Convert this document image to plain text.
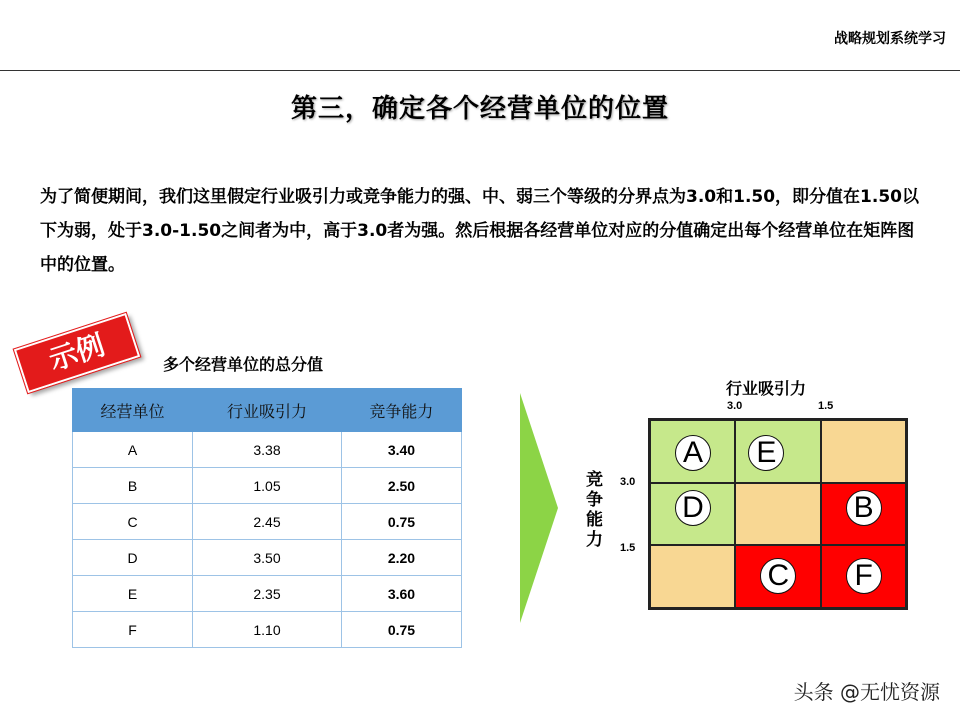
战略规划系统学习
第三，确定各个经营单位的位置

为了简便期间，我们这里假定行业吸引力或竞争能力的强、中、弱三个等级的分界点为3.0和1.50，即分值在1.50以下为弱，处于3.0-1.50之间者为中，高于3.0者为强。然后根据各经营单位对应的分值确定出每个经营单位在矩阵图中的位置。

示例	多个经营单位的总分值
经营单位	行业吸引力	竞争能力
A	3.38	3.40
B	1.05	2.50
C	2.45	0.75
D	3.50	2.20
E	2.35	3.60
F	1.10	0.75
行业吸引力
3.0	1.5
竞争能力
3.0
1.5
A E
D	B
C F
头条 @无忧资源
